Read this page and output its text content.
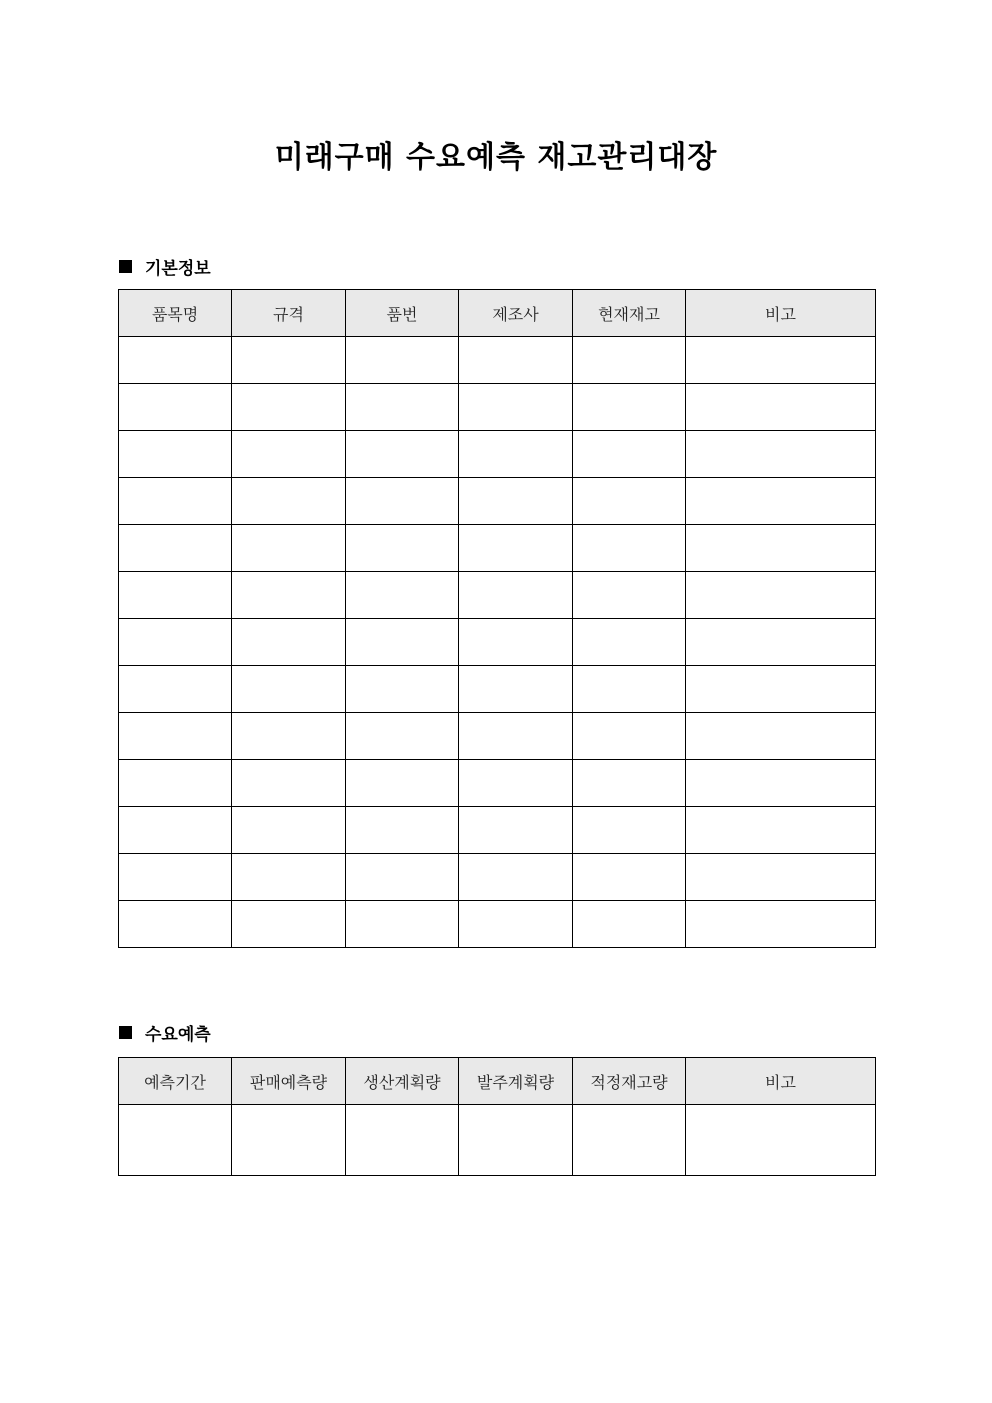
미래구매 수요예측 재고관리대장
기본정보
품목명	규격	품번	제조사	현재재고	비고

수요예측
예측기간	판매예측량	생산계획량	발주계획량	적정재고량	비고
